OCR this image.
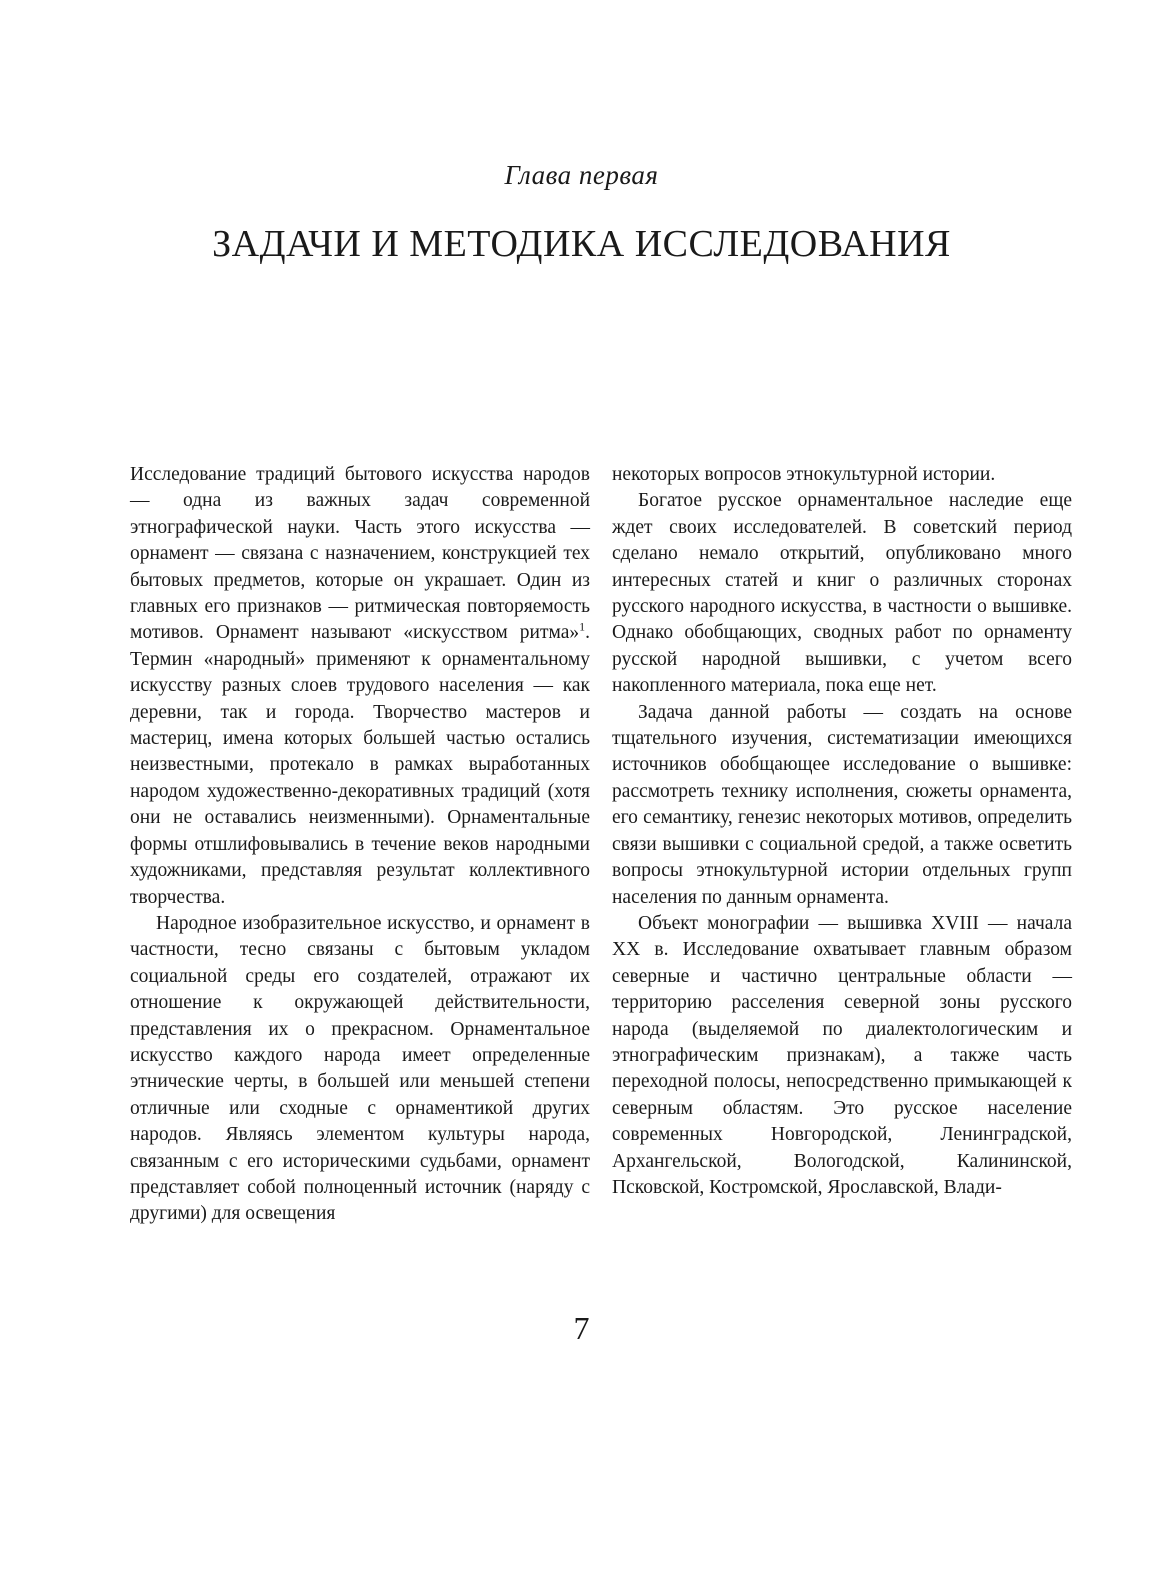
Глава первая
ЗАДАЧИ И МЕТОДИКА ИССЛЕДОВАНИЯ

Исследование традиций бытового искусства народов — одна из важных задач современной этнографической науки. Часть этого искусства — орнамент — связана с назначением, конструкцией тех бытовых предметов, которые он украшает. Один из главных его признаков — ритмическая повторяемость мотивов. Орнамент называют «искусством ритма»$^1$. Термин «народный» применяют к орнаментальному искусству разных слоев трудового населения — как деревни, так и города. Творчество мастеров и мастериц, имена которых большей частью остались неизвестными, протекало в рамках выработанных народом художественно-декоративных традиций (хотя они не оставались неизменными). Орнаментальные формы отшлифовывались в течение веков народными художниками, представляя результат коллективного творчества.

Народное изобразительное искусство, и орнамент в частности, тесно связаны с бытовым укладом социальной среды его создателей, отражают их отношение к окружающей действительности, представления их о прекрасном. Орнаментальное искусство каждого народа имеет определенные этнические черты, в большей или меньшей степени отличные или сходные с орнаментикой других народов. Являясь элементом культуры народа, связанным с его историческими судьбами, орнамент представляет собой полноценный источник (наряду с другими) для освещения

некоторых вопросов этнокультурной истории.

Богатое русское орнаментальное наследие еще ждет своих исследователей. В советский период сделано немало открытий, опубликовано много интересных статей и книг о различных сторонах русского народного искусства, в частности о вышивке. Однако обобщающих, сводных работ по орнаменту русской народной вышивки, с учетом всего накопленного материала, пока еще нет.

Задача данной работы — создать на основе тщательного изучения, систематизации имеющихся источников обобщающее исследование о вышивке: рассмотреть технику исполнения, сюжеты орнамента, его семантику, генезис некоторых мотивов, определить связи вышивки с социальной средой, а также осветить вопросы этнокультурной истории отдельных групп населения по данным орнамента.

Объект монографии — вышивка XVIII — начала XX в. Исследование охватывает главным образом северные и частично центральные области — территорию расселения северной зоны русского народа (выделяемой по диалектологическим и этнографическим признакам), а также часть переходной полосы, непосредственно примыкающей к северным областям. Это русское население современных Новгородской, Ленинградской, Архангельской, Вологодской, Калининской, Псковской, Костромской, Ярославской, Влади-

7
